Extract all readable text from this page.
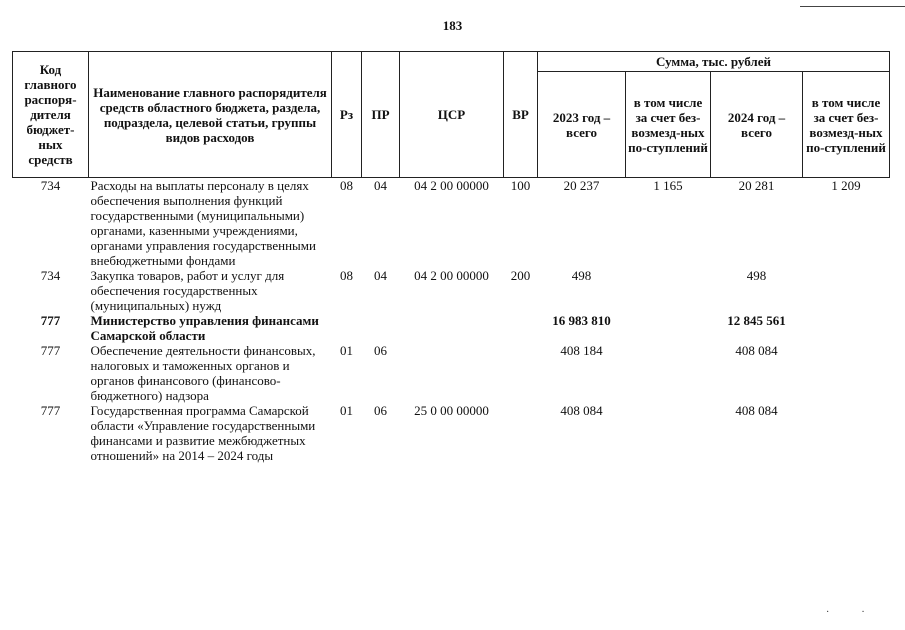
183
Код главного распоря-дителя бюджет-ных средств	Наименование главного распорядителя средств областного бюджета, раздела, подраздела, целевой статьи, группы видов расходов	Рз	ПР	ЦСР	ВР	Сумма, тыс. рублей			
						2023 год – всего	в том числе за счет без-возмезд-ных по-ступлений	2024 год – всего	в том числе за счет без-возмезд-ных по-ступлений
734	Расходы на выплаты персоналу в целях обеспечения выполнения функций государственными (муниципальными) органами, казенными учреждениями, органами управления государственными внебюджетными фондами	08	04	04 2 00 00000	100	20 237	1 165	20 281	1 209
734	Закупка товаров, работ и услуг для обеспечения государственных (муниципальных) нужд	08	04	04 2 00 00000	200	498		498	
777	Министерство управления финансами Самарской области					16 983 810		12 845 561	
777	Обеспечение деятельности финансовых, налоговых и таможенных органов и органов финансового (финансово-бюджетного) надзора	01	06			408 184		408 084	
777	Государственная программа Самарской области «Управление государственными финансами и развитие межбюджетных отношений» на 2014 – 2024 годы	01	06	25 0 00 00000		408 084		408 084	
··
